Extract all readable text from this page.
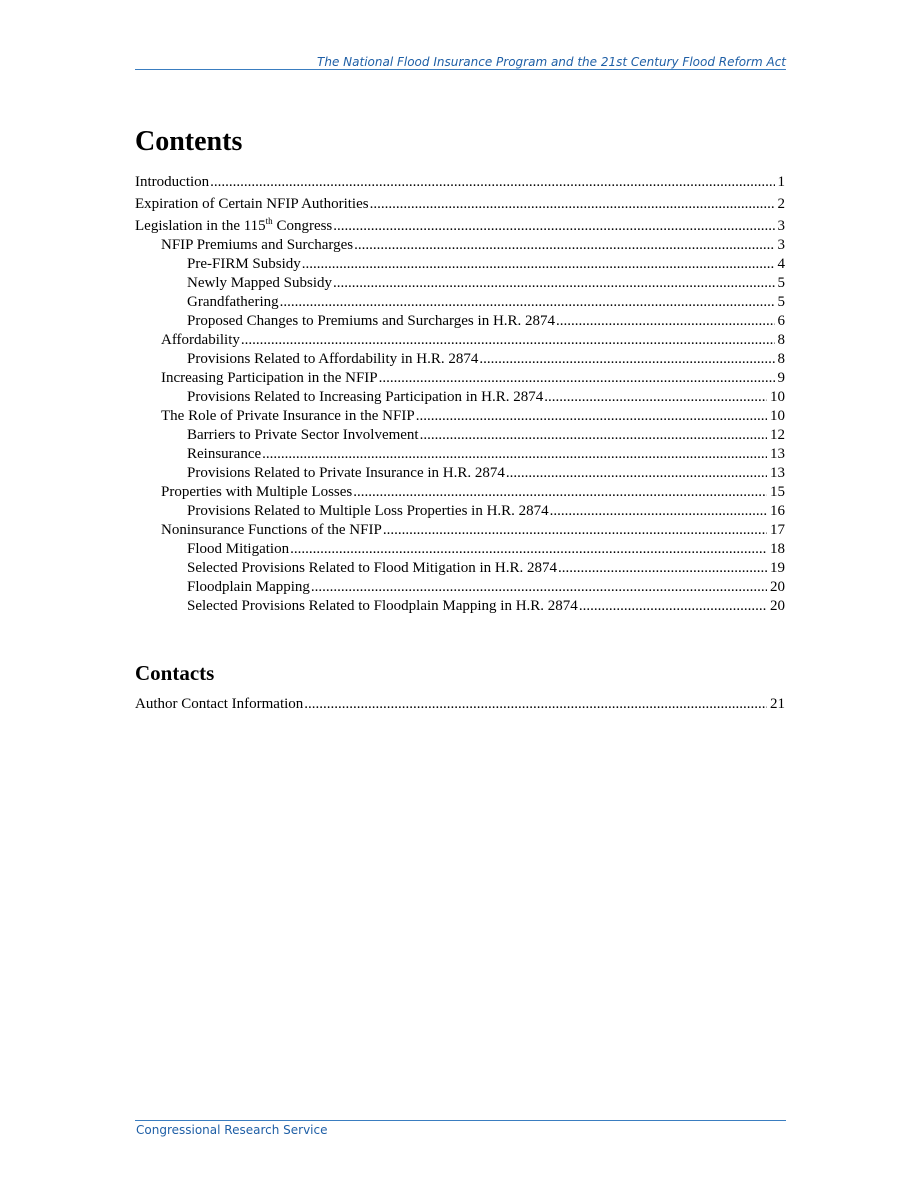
The National Flood Insurance Program and the 21st Century Flood Reform Act
Contents
Introduction .....	1
Expiration of Certain NFIP Authorities .....	2
Legislation in the 115th Congress .....	3
NFIP Premiums and Surcharges .....	3
Pre-FIRM Subsidy .....	4
Newly Mapped Subsidy .....	5
Grandfathering .....	5
Proposed Changes to Premiums and Surcharges in H.R. 2874 .....	6
Affordability .....	8
Provisions Related to Affordability in H.R. 2874 .....	8
Increasing Participation in the NFIP .....	9
Provisions Related to Increasing Participation in H.R. 2874 .....	10
The Role of Private Insurance in the NFIP .....	10
Barriers to Private Sector Involvement .....	12
Reinsurance .....	13
Provisions Related to Private Insurance in H.R. 2874 .....	13
Properties with Multiple Losses .....	15
Provisions Related to Multiple Loss Properties in H.R. 2874 .....	16
Noninsurance Functions of the NFIP .....	17
Flood Mitigation .....	18
Selected Provisions Related to Flood Mitigation in H.R. 2874 .....	19
Floodplain Mapping .....	20
Selected Provisions Related to Floodplain Mapping in H.R. 2874 .....	20
Contacts
Author Contact Information .....	21
Congressional Research Service
